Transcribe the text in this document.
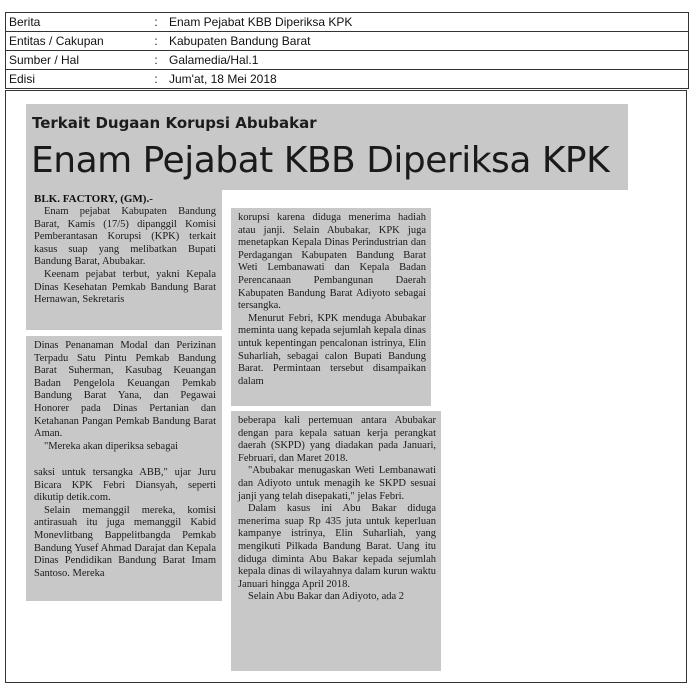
Berita	: Enam Pejabat KBB Diperiksa KPK
Entitas / Cakupan	: Kabupaten Bandung Barat
Sumber / Hal	: Galamedia/Hal.1
Edisi	: Jum'at, 18 Mei 2018
Terkait Dugaan Korupsi Abubakar
Enam Pejabat KBB Diperiksa KPK
BLK. FACTORY, (GM).-

Enam pejabat Kabupaten Bandung Barat, Kamis (17/5) dipanggil Komisi Pemberantasan Korupsi (KPK) terkait kasus suap yang melibatkan Bupati Bandung Barat, Abubakar.

Keenam pejabat terbut, yakni Kepala Dinas Kesehatan Pemkab Bandung Barat Hernawan, Sekretaris

Dinas Penanaman Modal dan Perizinan Terpadu Satu Pintu Pemkab Bandung Barat Suherman, Kasubag Keuangan Badan Pengelola Keuangan Pemkab Bandung Barat Yana, dan Pegawai Honorer pada Dinas Pertanian dan Ketahanan Pangan Pemkab Bandung Barat Aman.

"Mereka akan diperiksa sebagai

saksi untuk tersangka ABB," ujar Juru Bicara KPK Febri Diansyah, seperti dikutip detik.com.

Selain memanggil mereka, komisi antirasuah itu juga memanggil Kabid Monevlitbang Bappelitbangda Pemkab Bandung Yusef Ahmad Darajat dan Kepala Dinas Pendidikan Bandung Barat Imam Santoso. Mereka

korupsi karena diduga menerima hadiah atau janji. Selain Abubakar, KPK juga menetapkan Kepala Dinas Perindustrian dan Perdagangan Kabupaten Bandung Barat Weti Lembanawati dan Kepala Badan Perencanaan Pembangunan Daerah Kabupaten Bandung Barat Adiyoto sebagai tersangka.

Menurut Febri, KPK menduga Abubakar meminta uang kepada sejumlah kepala dinas untuk kepentingan pencalonan istrinya, Elin Suharliah, sebagai calon Bupati Bandung Barat. Permintaan tersebut disampaikan dalam

beberapa kali pertemuan antara Abubakar dengan para kepala satuan kerja perangkat daerah (SKPD) yang diadakan pada Januari, Februari, dan Maret 2018.

"Abubakar menugaskan Weti Lembanawati dan Adiyoto untuk menagih ke SKPD sesuai janji yang telah disepakati," jelas Febri.

Dalam kasus ini Abu Bakar diduga menerima suap Rp 435 juta untuk keperluan kampanye istrinya, Elin Suharliah, yang mengikuti Pilkada Bandung Barat. Uang itu diduga diminta Abu Bakar kepada sejumlah kepala dinas di wilayahnya dalam kurun waktu Januari hingga April 2018.

Selain Abu Bakar dan Adiyoto, ada 2
